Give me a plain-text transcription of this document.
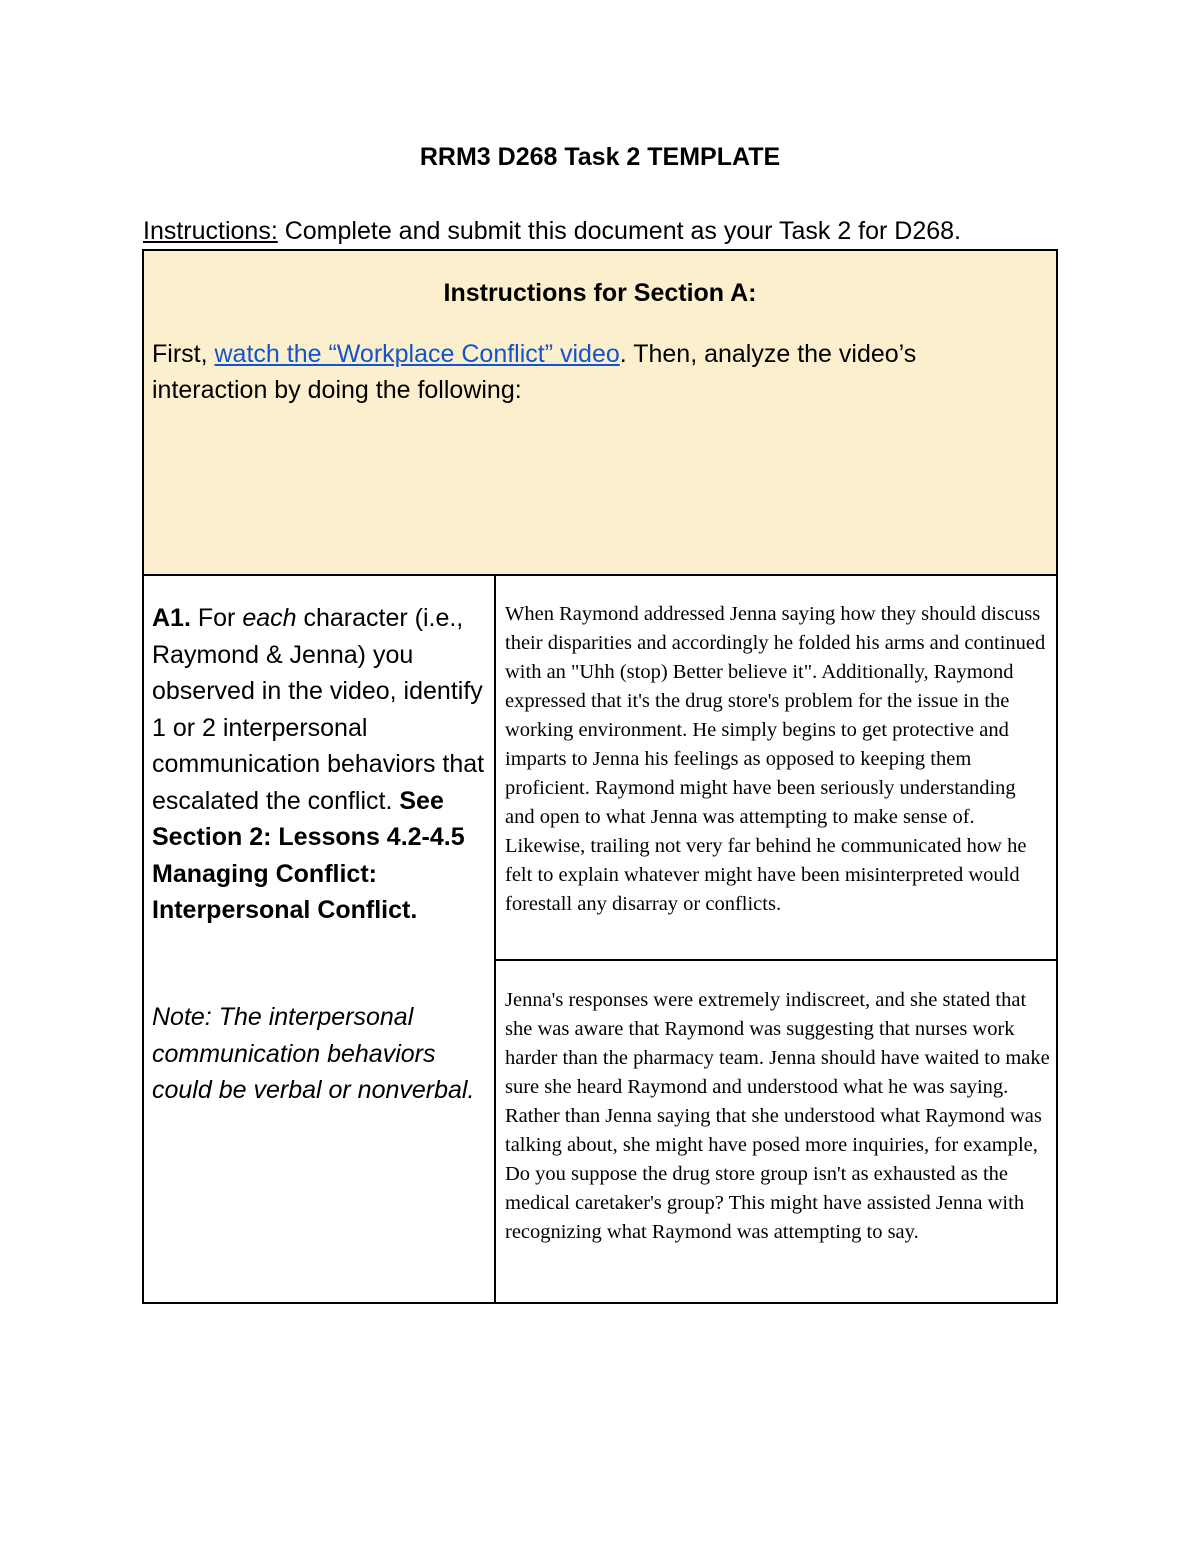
RRM3 D268 Task 2 TEMPLATE

Instructions: Complete and submit this document as your Task 2 for D268.

Instructions for Section A:

First, watch the “Workplace Conflict” video. Then, analyze the video’s interaction by doing the following:

A1. For each character (i.e., Raymond & Jenna) you observed in the video, identify 1 or 2 interpersonal communication behaviors that escalated the conflict. See Section 2: Lessons 4.2-4.5 Managing Conflict: Interpersonal Conflict.

Note: The interpersonal communication behaviors could be verbal or nonverbal.

When Raymond addressed Jenna saying how they should discuss their disparities and accordingly he folded his arms and continued with an "Uhh (stop) Better believe it". Additionally, Raymond expressed that it's the drug store's problem for the issue in the working environment. He simply begins to get protective and imparts to Jenna his feelings as opposed to keeping them proficient. Raymond might have been seriously understanding and open to what Jenna was attempting to make sense of. Likewise, trailing not very far behind he communicated how he felt to explain whatever might have been misinterpreted would forestall any disarray or conflicts.

Jenna's responses were extremely indiscreet, and she stated that she was aware that Raymond was suggesting that nurses work harder than the pharmacy team. Jenna should have waited to make sure she heard Raymond and understood what he was saying. Rather than Jenna saying that she understood what Raymond was talking about, she might have posed more inquiries, for example, Do you suppose the drug store group isn't as exhausted as the medical caretaker's group? This might have assisted Jenna with recognizing what Raymond was attempting to say.
